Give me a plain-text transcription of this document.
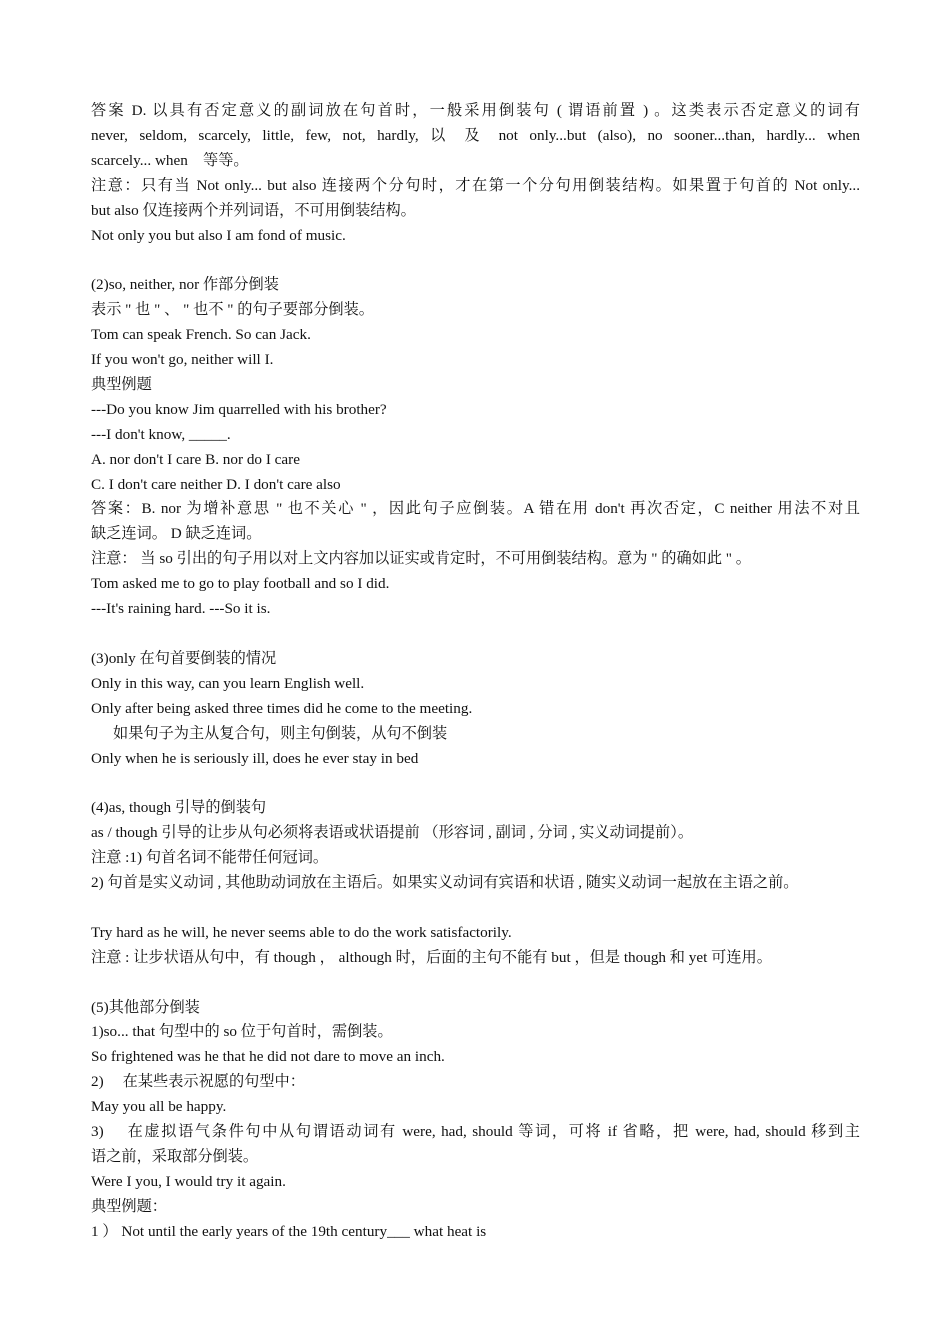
答案 D. 以具有否定意义的副词放在句首时，一般采用倒装句 ( 谓语前置 ) 。这类表示否定意义的词有
never, seldom, scarcely, little, few, not, hardly, 以 及 not only...but (also), no sooner...than, hardly... when
scarcely... when　等等。
注意：只有当 Not only... but also 连接两个分句时，才在第一个分句用倒装结构。如果置于句首的 Not only...
but also 仅连接两个并列词语，不可用倒装结构。
Not only you but also I am fond of music.
(2)so, neither, nor 作部分倒装
表示 " 也 " 、 " 也不 " 的句子要部分倒装。
Tom can speak French. So can Jack.
If you won't go, neither will I.
典型例题
---Do you know Jim quarrelled with his brother?
---I don't know, _____.
A. nor don't I care B. nor do I care
C. I don't care neither D. I don't care also
答案：B. nor 为增补意思 " 也不关心 " ，因此句子应倒装。A 错在用 don't 再次否定，C neither 用法不对且
缺乏连词。 D 缺乏连词。
注意： 当 so 引出的句子用以对上文内容加以证实或肯定时，不可用倒装结构。意为 " 的确如此 " 。
Tom asked me to go to play football and so I did.
---It's raining hard. ---So it is.
(3)only 在句首要倒装的情况
Only in this way, can you learn English well.
Only after being asked three times did he come to the meeting.
如果句子为主从复合句，则主句倒装，从句不倒装
Only when he is seriously ill, does he ever stay in bed
(4)as, though 引导的倒装句
as / though 引导的让步从句必须将表语或状语提前 （形容词 , 副词 , 分词 , 实义动词提前）。
注意 :1) 句首名词不能带任何冠词。
2) 句首是实义动词 , 其他助动词放在主语后。如果实义动词有宾语和状语 , 随实义动词一起放在主语之前。
Try hard as he will, he never seems able to do the work satisfactorily.
注意 : 让步状语从句中，有 though ， although 时，后面的主句不能有 but ，但是 though 和 yet 可连用。
(5)其他部分倒装
1)so... that 句型中的 so 位于句首时，需倒装。
So frightened was he that he did not dare to move an inch.
2)　 在某些表示祝愿的句型中：
May you all be happy.
3)　 在虚拟语气条件句中从句谓语动词有 were, had, should 等词，可将 if 省略，把 were, had, should 移到主
语之前，采取部分倒装。
Were I you, I would try it again.
典型例题：
1 ） Not until the early years of the 19th century___ what heat is
